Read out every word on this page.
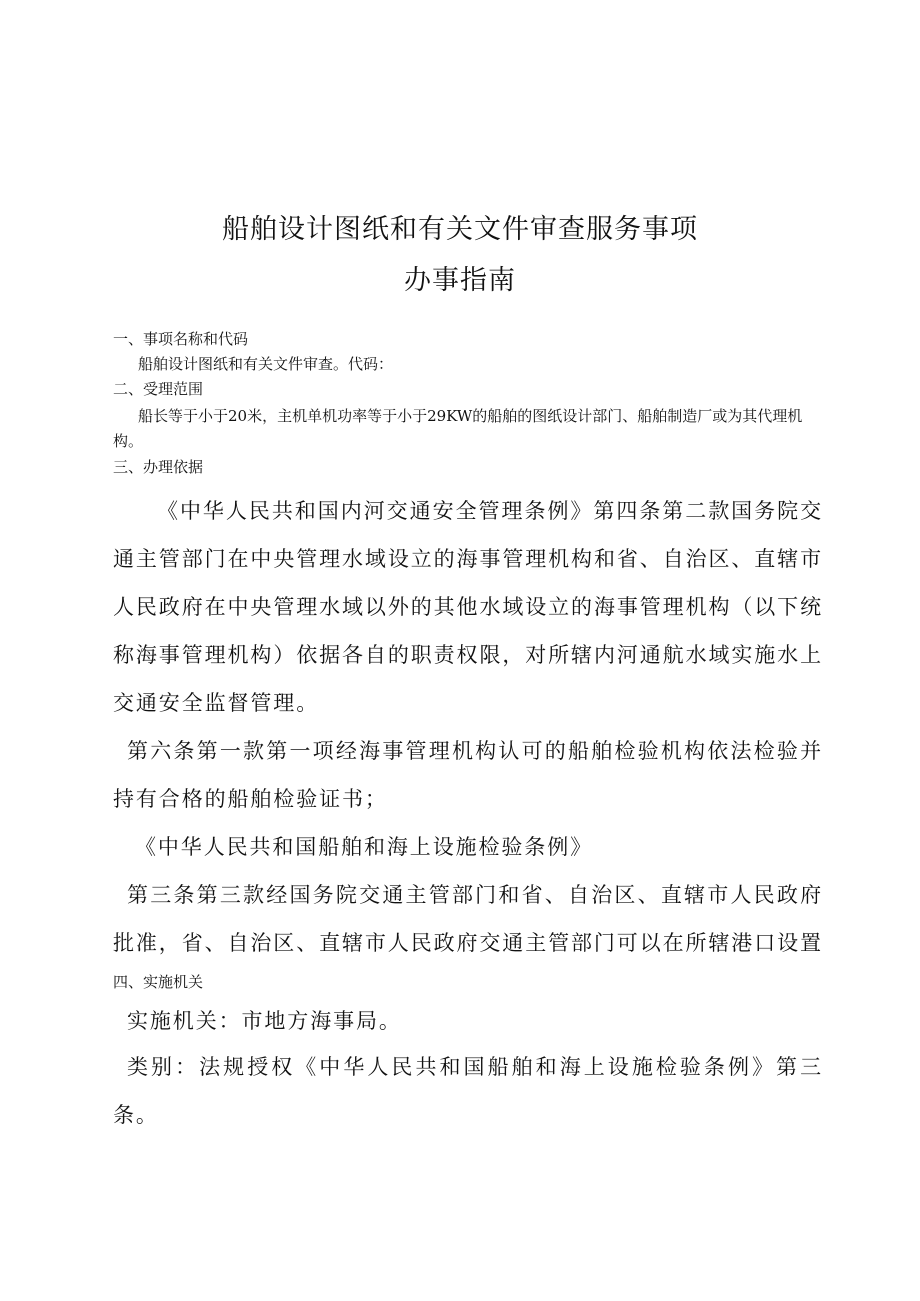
船舶设计图纸和有关文件审查服务事项
办事指南

一、事项名称和代码

船舶设计图纸和有关文件审查。代码：

二、受理范围

船长等于小于20米，主机单机功率等于小于29KW的船舶的图纸设计部门、船舶制造厂或为其代理机构。

三、办理依据

《中华人民共和国内河交通安全管理条例》第四条第二款国务院交通主管部门在中央管理水域设立的海事管理机构和省、自治区、直辖市人民政府在中央管理水域以外的其他水域设立的海事管理机构（以下统称海事管理机构）依据各自的职责权限，对所辖内河通航水域实施水上交通安全监督管理。

第六条第一款第一项经海事管理机构认可的船舶检验机构依法检验并持有合格的船舶检验证书；

《中华人民共和国船舶和海上设施检验条例》

第三条第三款经国务院交通主管部门和省、自治区、直辖市人民政府批准，省、自治区、直辖市人民政府交通主管部门可以在所辖港口设置

四、实施机关

实施机关：市地方海事局。

类别：法规授权《中华人民共和国船舶和海上设施检验条例》第三条。
